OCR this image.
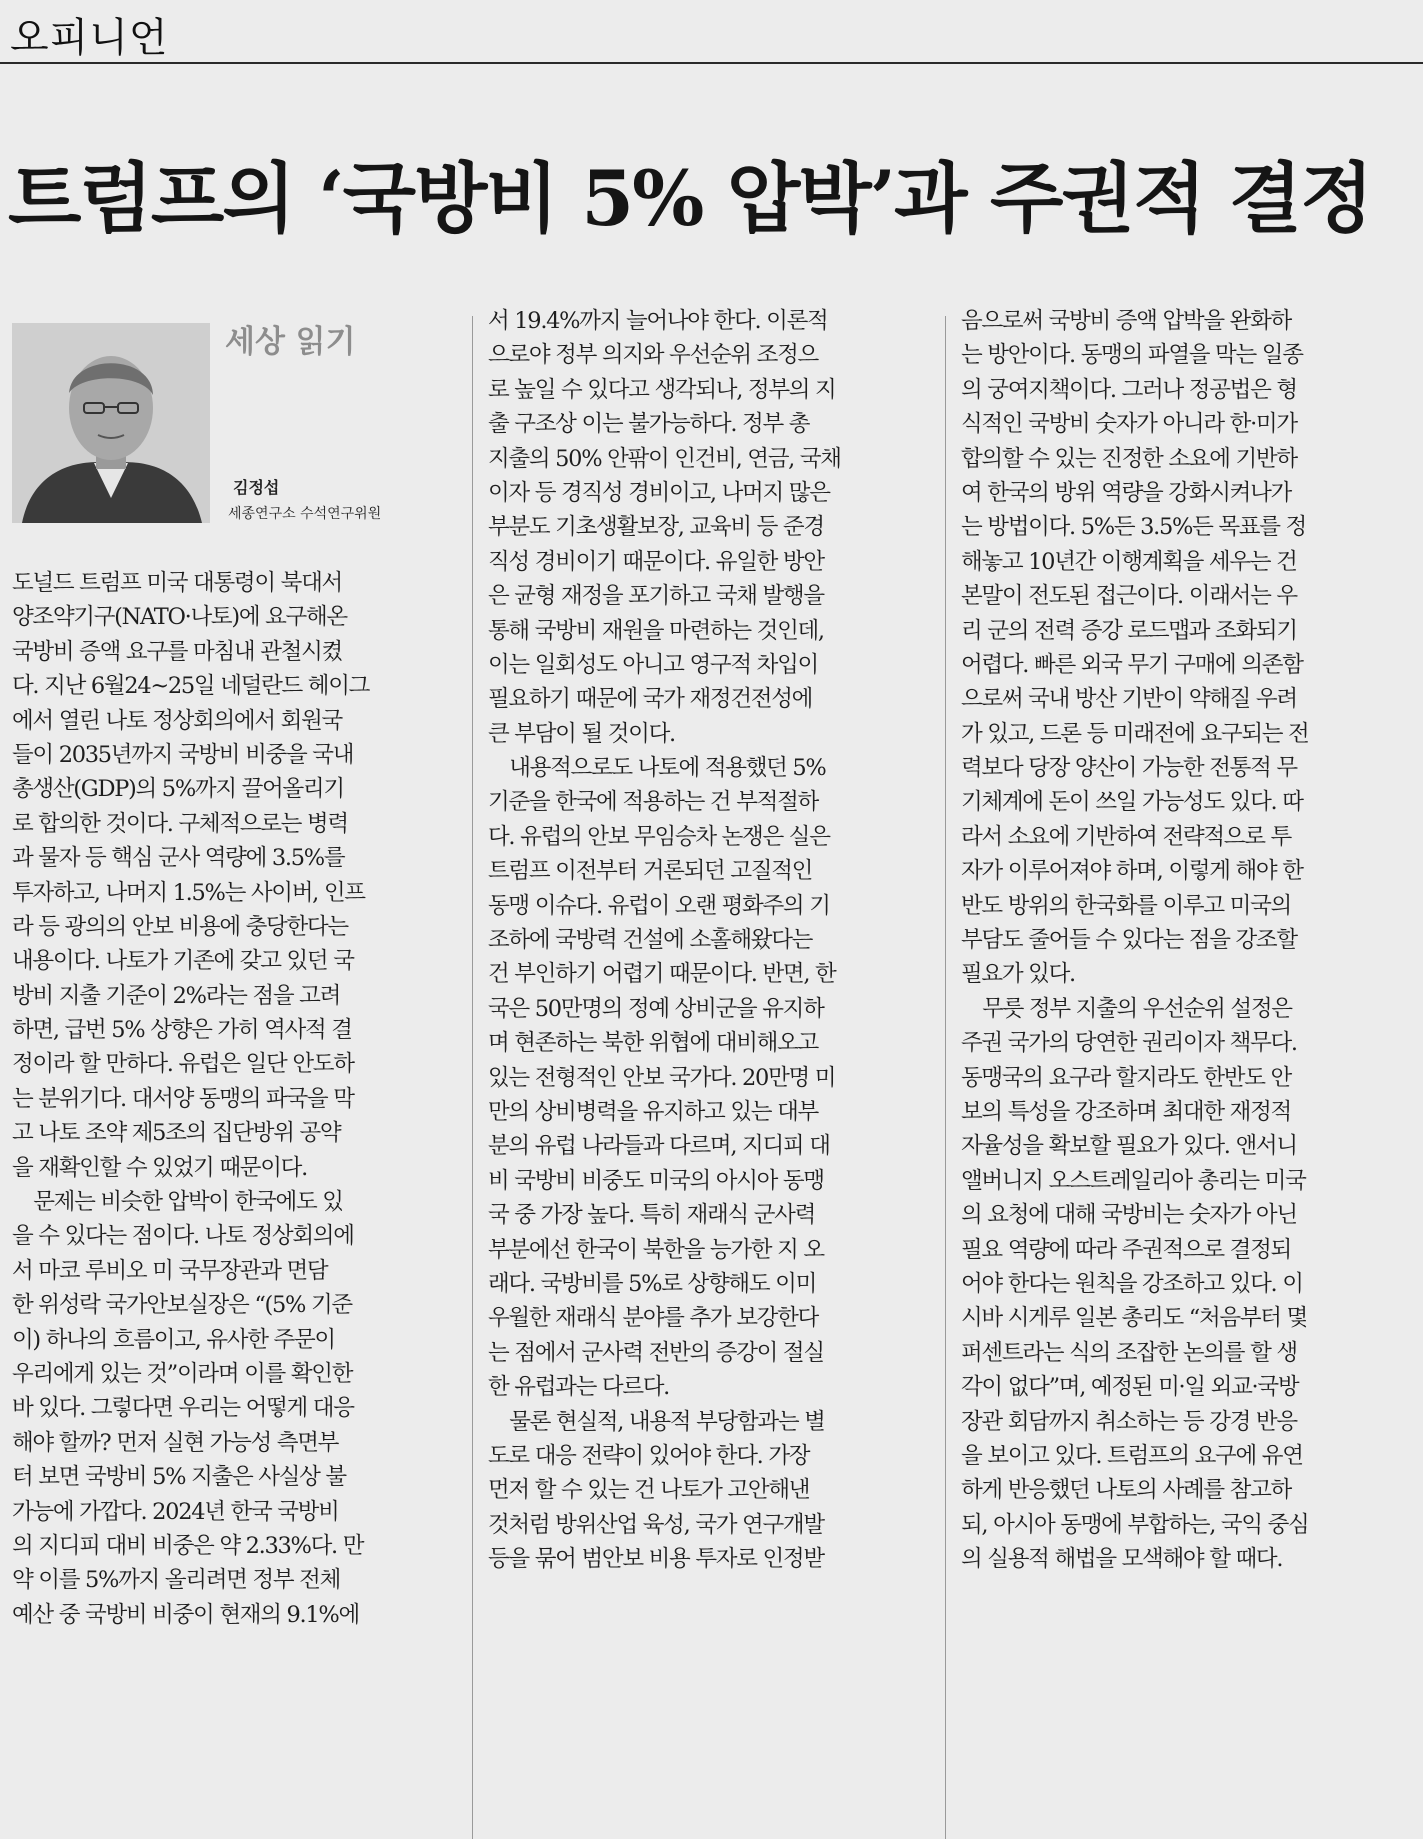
오피니언
트럼프의 ‘국방비 5% 압박’과 주권적 결정
세상 읽기
김정섭
세종연구소 수석연구위원
도널드 트럼프 미국 대통령이 북대서
양조약기구(NATO·나토)에 요구해온
국방비 증액 요구를 마침내 관철시켰
다. 지난 6월24~25일 네덜란드 헤이그
에서 열린 나토 정상회의에서 회원국
들이 2035년까지 국방비 비중을 국내
총생산(GDP)의 5%까지 끌어올리기
로 합의한 것이다. 구체적으로는 병력
과 물자 등 핵심 군사 역량에 3.5%를
투자하고, 나머지 1.5%는 사이버, 인프
라 등 광의의 안보 비용에 충당한다는
내용이다. 나토가 기존에 갖고 있던 국
방비 지출 기준이 2%라는 점을 고려
하면, 급번 5% 상향은 가히 역사적 결
정이라 할 만하다. 유럽은 일단 안도하
는 분위기다. 대서양 동맹의 파국을 막
고 나토 조약 제5조의 집단방위 공약
을 재확인할 수 있었기 때문이다.
　문제는 비슷한 압박이 한국에도 있
을 수 있다는 점이다. 나토 정상회의에
서 마코 루비오 미 국무장관과 면담
한 위성락 국가안보실장은 “(5% 기준
이) 하나의 흐름이고, 유사한 주문이
우리에게 있는 것”이라며 이를 확인한
바 있다. 그렇다면 우리는 어떻게 대응
해야 할까? 먼저 실현 가능성 측면부
터 보면 국방비 5% 지출은 사실상 불
가능에 가깝다. 2024년 한국 국방비
의 지디피 대비 비중은 약 2.33%다. 만
약 이를 5%까지 올리려면 정부 전체
예산 중 국방비 비중이 현재의 9.1%에
서 19.4%까지 늘어나야 한다. 이론적
으로야 정부 의지와 우선순위 조정으
로 높일 수 있다고 생각되나, 정부의 지
출 구조상 이는 불가능하다. 정부 총
지출의 50% 안팎이 인건비, 연금, 국채
이자 등 경직성 경비이고, 나머지 많은
부분도 기초생활보장, 교육비 등 준경
직성 경비이기 때문이다. 유일한 방안
은 균형 재정을 포기하고 국채 발행을
통해 국방비 재원을 마련하는 것인데,
이는 일회성도 아니고 영구적 차입이
필요하기 때문에 국가 재정건전성에
큰 부담이 될 것이다.
　내용적으로도 나토에 적용했던 5%
기준을 한국에 적용하는 건 부적절하
다. 유럽의 안보 무임승차 논쟁은 실은
트럼프 이전부터 거론되던 고질적인
동맹 이슈다. 유럽이 오랜 평화주의 기
조하에 국방력 건설에 소홀해왔다는
건 부인하기 어렵기 때문이다. 반면, 한
국은 50만명의 정예 상비군을 유지하
며 현존하는 북한 위협에 대비해오고
있는 전형적인 안보 국가다. 20만명 미
만의 상비병력을 유지하고 있는 대부
분의 유럽 나라들과 다르며, 지디피 대
비 국방비 비중도 미국의 아시아 동맹
국 중 가장 높다. 특히 재래식 군사력
부분에선 한국이 북한을 능가한 지 오
래다. 국방비를 5%로 상향해도 이미
우월한 재래식 분야를 추가 보강한다
는 점에서 군사력 전반의 증강이 절실
한 유럽과는 다르다.
　물론 현실적, 내용적 부당함과는 별
도로 대응 전략이 있어야 한다. 가장
먼저 할 수 있는 건 나토가 고안해낸
것처럼 방위산업 육성, 국가 연구개발
등을 묶어 범안보 비용 투자로 인정받
음으로써 국방비 증액 압박을 완화하
는 방안이다. 동맹의 파열을 막는 일종
의 궁여지책이다. 그러나 정공법은 형
식적인 국방비 숫자가 아니라 한·미가
합의할 수 있는 진정한 소요에 기반하
여 한국의 방위 역량을 강화시켜나가
는 방법이다. 5%든 3.5%든 목표를 정
해놓고 10년간 이행계획을 세우는 건
본말이 전도된 접근이다. 이래서는 우
리 군의 전력 증강 로드맵과 조화되기
어렵다. 빠른 외국 무기 구매에 의존함
으로써 국내 방산 기반이 약해질 우려
가 있고, 드론 등 미래전에 요구되는 전
력보다 당장 양산이 가능한 전통적 무
기체계에 돈이 쓰일 가능성도 있다. 따
라서 소요에 기반하여 전략적으로 투
자가 이루어져야 하며, 이렇게 해야 한
반도 방위의 한국화를 이루고 미국의
부담도 줄어들 수 있다는 점을 강조할
필요가 있다.
　무릇 정부 지출의 우선순위 설정은
주권 국가의 당연한 권리이자 책무다.
동맹국의 요구라 할지라도 한반도 안
보의 특성을 강조하며 최대한 재정적
자율성을 확보할 필요가 있다. 앤서니
앨버니지 오스트레일리아 총리는 미국
의 요청에 대해 국방비는 숫자가 아닌
필요 역량에 따라 주권적으로 결정되
어야 한다는 원칙을 강조하고 있다. 이
시바 시게루 일본 총리도 “처음부터 몇
퍼센트라는 식의 조잡한 논의를 할 생
각이 없다”며, 예정된 미·일 외교·국방
장관 회담까지 취소하는 등 강경 반응
을 보이고 있다. 트럼프의 요구에 유연
하게 반응했던 나토의 사례를 참고하
되, 아시아 동맹에 부합하는, 국익 중심
의 실용적 해법을 모색해야 할 때다.
